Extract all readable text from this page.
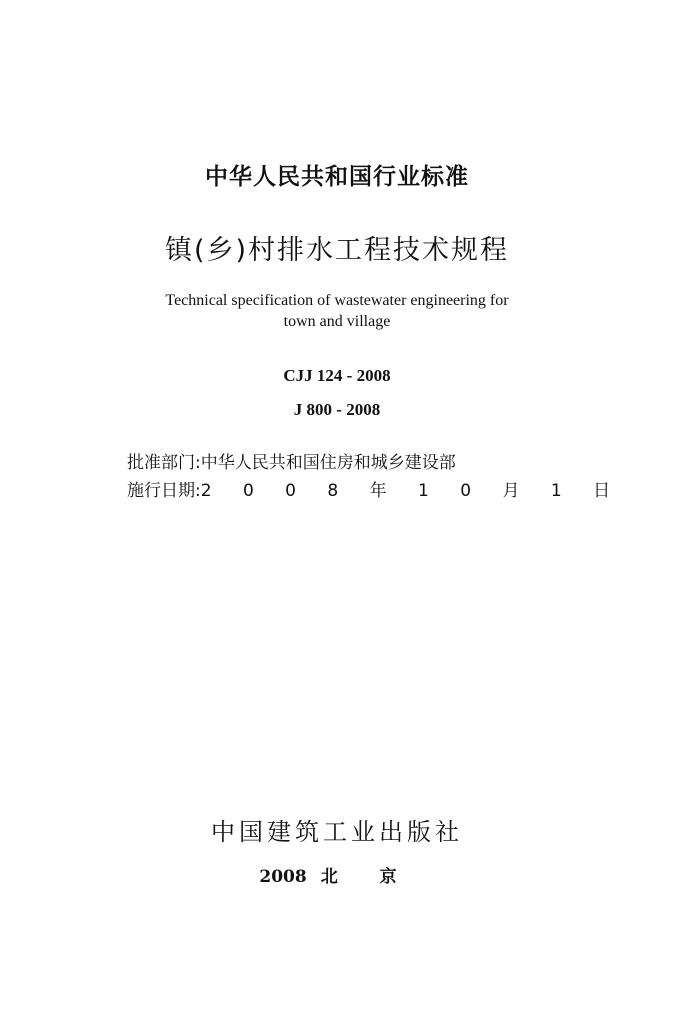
中华人民共和国行业标准
镇(乡)村排水工程技术规程
Technical specification of wastewater engineering for
town and village
CJJ 124 - 2008
J 800 - 2008
批准部门:中华人民共和国住房和城乡建设部
施行日期:2 0 0 8 年 1 0 月 1 日
中国建筑工业出版社
2008 北 京
